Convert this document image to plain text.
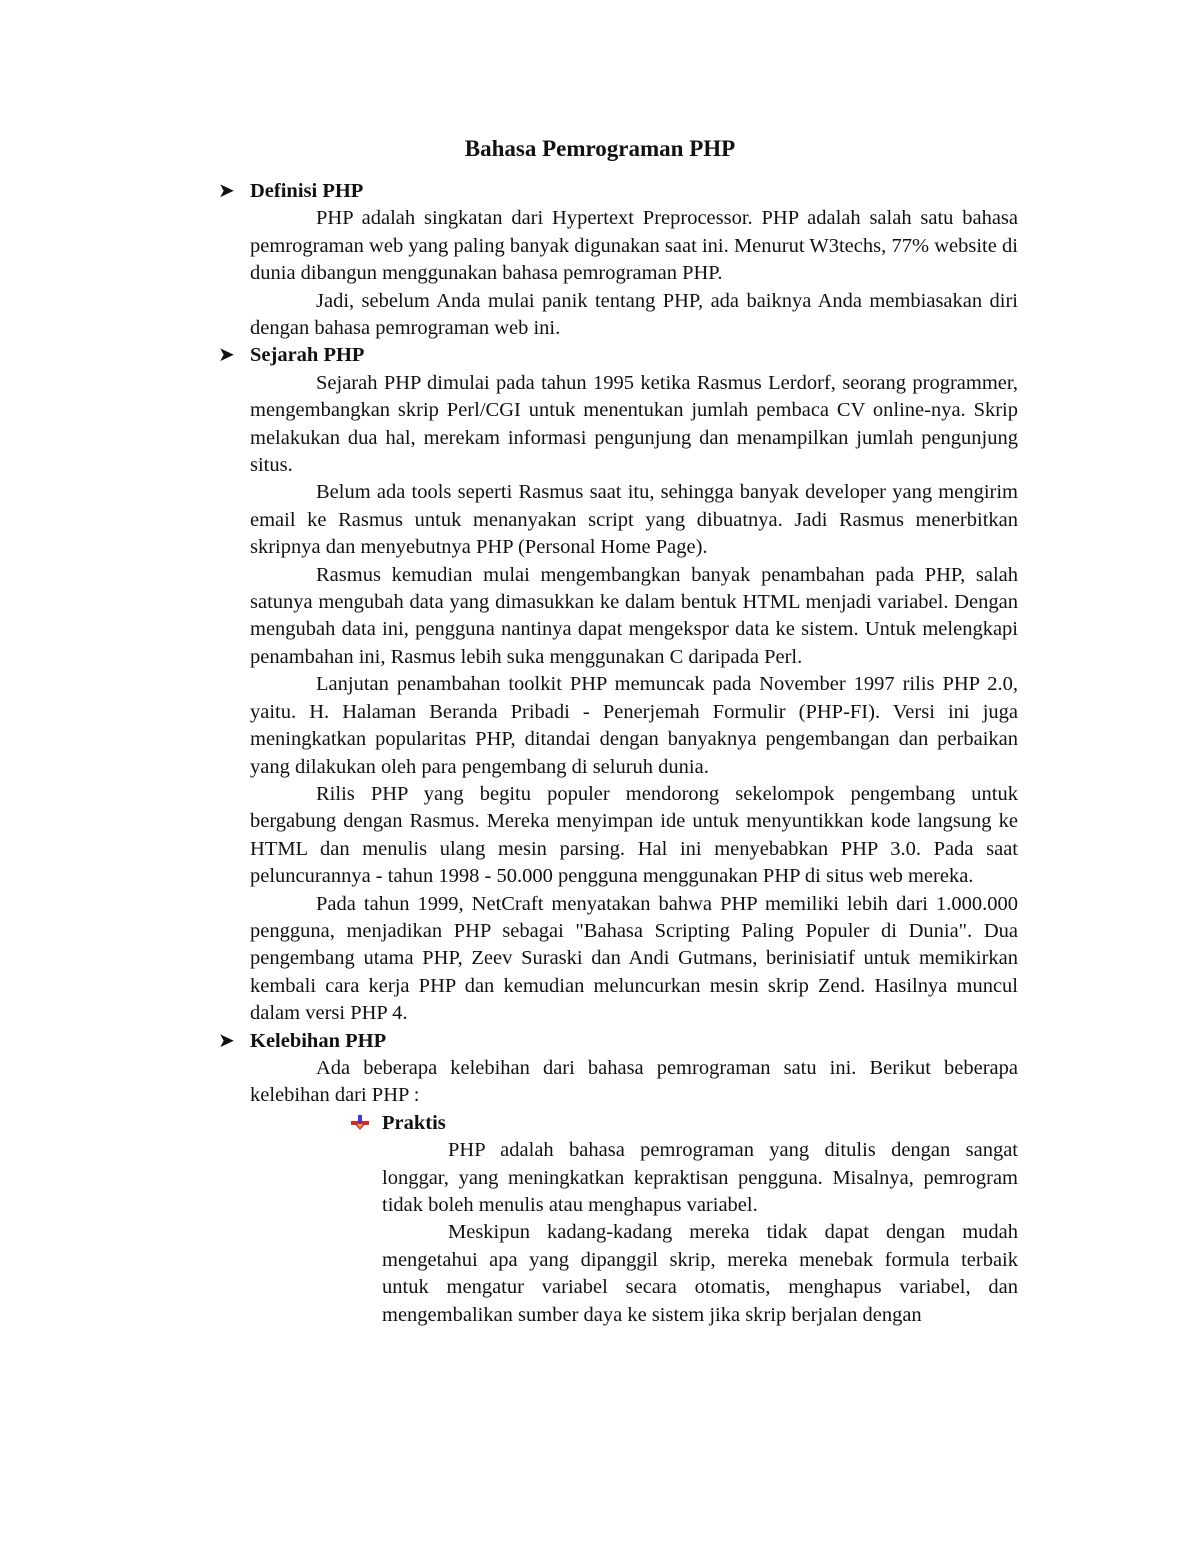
Bahasa Pemrograman PHP
➤ Definisi PHP

PHP adalah singkatan dari Hypertext Preprocessor. PHP adalah salah satu bahasa pemrograman web yang paling banyak digunakan saat ini. Menurut W3techs, 77% website di dunia dibangun menggunakan bahasa pemrograman PHP.

Jadi, sebelum Anda mulai panik tentang PHP, ada baiknya Anda membiasakan diri dengan bahasa pemrograman web ini.

➤ Sejarah PHP

Sejarah PHP dimulai pada tahun 1995 ketika Rasmus Lerdorf, seorang programmer, mengembangkan skrip Perl/CGI untuk menentukan jumlah pembaca CV online-nya. Skrip melakukan dua hal, merekam informasi pengunjung dan menampilkan jumlah pengunjung situs.

Belum ada tools seperti Rasmus saat itu, sehingga banyak developer yang mengirim email ke Rasmus untuk menanyakan script yang dibuatnya. Jadi Rasmus menerbitkan skripnya dan menyebutnya PHP (Personal Home Page).

Rasmus kemudian mulai mengembangkan banyak penambahan pada PHP, salah satunya mengubah data yang dimasukkan ke dalam bentuk HTML menjadi variabel. Dengan mengubah data ini, pengguna nantinya dapat mengekspor data ke sistem. Untuk melengkapi penambahan ini, Rasmus lebih suka menggunakan C daripada Perl.

Lanjutan penambahan toolkit PHP memuncak pada November 1997 rilis PHP 2.0, yaitu. H. Halaman Beranda Pribadi - Penerjemah Formulir (PHP-FI). Versi ini juga meningkatkan popularitas PHP, ditandai dengan banyaknya pengembangan dan perbaikan yang dilakukan oleh para pengembang di seluruh dunia.

Rilis PHP yang begitu populer mendorong sekelompok pengembang untuk bergabung dengan Rasmus. Mereka menyimpan ide untuk menyuntikkan kode langsung ke HTML dan menulis ulang mesin parsing. Hal ini menyebabkan PHP 3.0. Pada saat peluncurannya - tahun 1998 - 50.000 pengguna menggunakan PHP di situs web mereka.

Pada tahun 1999, NetCraft menyatakan bahwa PHP memiliki lebih dari 1.000.000 pengguna, menjadikan PHP sebagai "Bahasa Scripting Paling Populer di Dunia". Dua pengembang utama PHP, Zeev Suraski dan Andi Gutmans, berinisiatif untuk memikirkan kembali cara kerja PHP dan kemudian meluncurkan mesin skrip Zend. Hasilnya muncul dalam versi PHP 4.

➤ Kelebihan PHP

Ada beberapa kelebihan dari bahasa pemrograman satu ini. Berikut beberapa kelebihan dari PHP :

Praktis

PHP adalah bahasa pemrograman yang ditulis dengan sangat longgar, yang meningkatkan kepraktisan pengguna. Misalnya, pemrogram tidak boleh menulis atau menghapus variabel.

Meskipun kadang-kadang mereka tidak dapat dengan mudah mengetahui apa yang dipanggil skrip, mereka menebak formula terbaik untuk mengatur variabel secara otomatis, menghapus variabel, dan mengembalikan sumber daya ke sistem jika skrip berjalan dengan
